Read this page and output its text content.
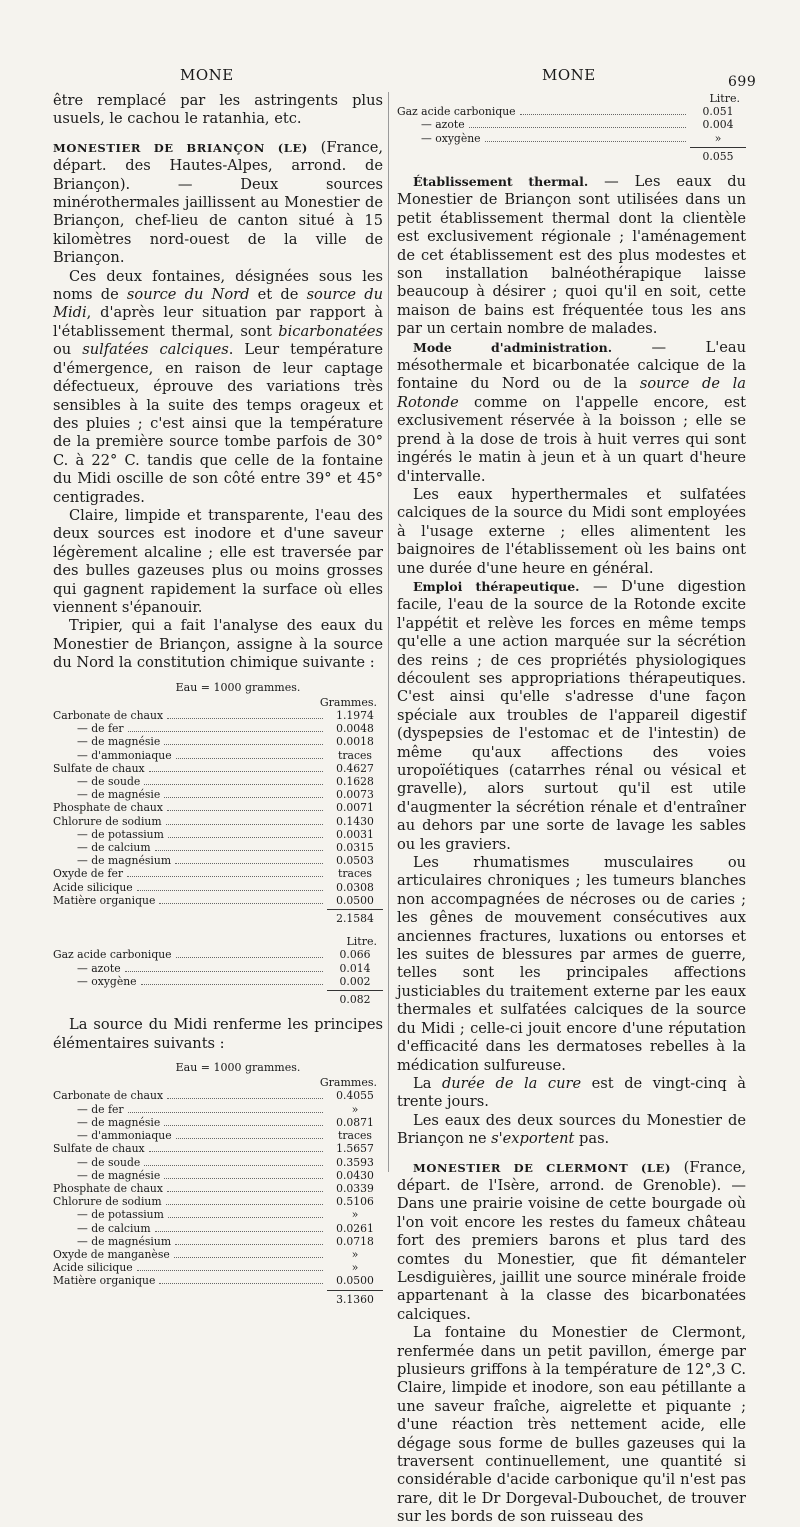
MONE	MONE	699

être remplacé par les astringents plus usuels, le cachou le ratanhia, etc.

MONESTIER DE BRIANÇON (LE) (France, départ. des Hautes-Alpes, arrond. de Briançon). — Deux sources minérothermales jaillissent au Monestier de Briançon, chef-lieu de canton situé à 15 kilomètres nord-ouest de la ville de Briançon.

Ces deux fontaines, désignées sous les noms de source du Nord et de source du Midi, d'après leur situation par rapport à l'établissement thermal, sont bicarbonatées ou sulfatées calciques. Leur température d'émergence, en raison de leur captage défectueux, éprouve des variations très sensibles à la suite des temps orageux et des pluies ; c'est ainsi que la température de la première source tombe parfois de 30° C. à 22° C. tandis que celle de la fontaine du Midi oscille de son côté entre 39° et 45° centigrades.

Claire, limpide et transparente, l'eau des deux sources est inodore et d'une saveur légèrement alcaline ; elle est traversée par des bulles gazeuses plus ou moins grosses qui gagnent rapidement la surface où elles viennent s'épanouir.

Tripier, qui a fait l'analyse des eaux du Monestier de Briançon, assigne à la source du Nord la constitution chimique suivante :

Eau = 1000 grammes.
Grammes.
Carbonate de chaux	1.1974
— de fer	0.0048
— de magnésie	0.0018
— d'ammoniaque	traces
Sulfate de chaux	0.4627
— de soude	0.1628
— de magnésie	0.0073
Phosphate de chaux	0.0071
Chlorure de sodium	0.1430
— de potassium	0.0031
— de calcium	0.0315
— de magnésium	0.0503
Oxyde de fer	traces
Acide silicique	0.0308
Matière organique	0.0500
2.1584
Litre.
Gaz acide carbonique	0.066
— azote	0.014
— oxygène	0.002
0.082

La source du Midi renferme les principes élémentaires suivants :

Eau = 1000 grammes.
Grammes.
Carbonate de chaux	0.4055
— de fer	»
— de magnésie	0.0871
— d'ammoniaque	traces
Sulfate de chaux	1.5657
— de soude	0.3593
— de magnésie	0.0430
Phosphate de chaux	0.0339
Chlorure de sodium	0.5106
— de potassium	»
— de calcium	0.0261
— de magnésium	0.0718
Oxyde de manganèse	»
Acide silicique	»
Matière organique	0.0500
3.1360
Litre.
Gaz acide carbonique	0.051
— azote	0.004
— oxygène	»
0.055

Établissement thermal. — Les eaux du Monestier de Briançon sont utilisées dans un petit établissement thermal dont la clientèle est exclusivement régionale ; l'aménagement de cet établissement est des plus modestes et son installation balnéothérapique laisse beaucoup à désirer ; quoi qu'il en soit, cette maison de bains est fréquentée tous les ans par un certain nombre de malades.

Mode d'administration. — L'eau mésothermale et bicarbonatée calcique de la fontaine du Nord ou de la source de la Rotonde comme on l'appelle encore, est exclusivement réservée à la boisson ; elle se prend à la dose de trois à huit verres qui sont ingérés le matin à jeun et à un quart d'heure d'intervalle.

Les eaux hyperthermales et sulfatées calciques de la source du Midi sont employées à l'usage externe ; elles alimentent les baignoires de l'établissement où les bains ont une durée d'une heure en général.

Emploi thérapeutique. — D'une digestion facile, l'eau de la source de la Rotonde excite l'appétit et relève les forces en même temps qu'elle a une action marquée sur la sécrétion des reins ; de ces propriétés physiologiques découlent ses appropriations thérapeutiques. C'est ainsi qu'elle s'adresse d'une façon spéciale aux troubles de l'appareil digestif (dyspepsies de l'estomac et de l'intestin) de même qu'aux affections des voies uropoïétiques (catarrhes rénal ou vésical et gravelle), alors surtout qu'il est utile d'augmenter la sécrétion rénale et d'entraîner au dehors par une sorte de lavage les sables ou les graviers.

Les rhumatismes musculaires ou articulaires chroniques ; les tumeurs blanches non accompagnées de nécroses ou de caries ; les gênes de mouvement consécutives aux anciennes fractures, luxations ou entorses et les suites de blessures par armes de guerre, telles sont les principales affections justiciables du traitement externe par les eaux thermales et sulfatées calciques de la source du Midi ; celle-ci jouit encore d'une réputation d'efficacité dans les dermatoses rebelles à la médication sulfureuse.

La durée de la cure est de vingt-cinq à trente jours.

Les eaux des deux sources du Monestier de Briançon ne s'exportent pas.

MONESTIER DE CLERMONT (LE) (France, départ. de l'Isère, arrond. de Grenoble). — Dans une prairie voisine de cette bourgade où l'on voit encore les restes du fameux château fort des premiers barons et plus tard des comtes du Monestier, que fit démanteler Lesdiguières, jaillit une source minérale froide appartenant à la classe des bicarbonatées calciques.

La fontaine du Monestier de Clermont, renfermée dans un petit pavillon, émerge par plusieurs griffons à la température de 12°,3 C. Claire, limpide et inodore, son eau pétillante a une saveur fraîche, aigrelette et piquante ; d'une réaction très nettement acide, elle dégage sous forme de bulles gazeuses qui la traversent continuellement, une quantité si considérable d'acide carbonique qu'il n'est pas rare, dit le Dr Dorgeval-Dubouchet, de trouver sur les bords de son ruisseau des
